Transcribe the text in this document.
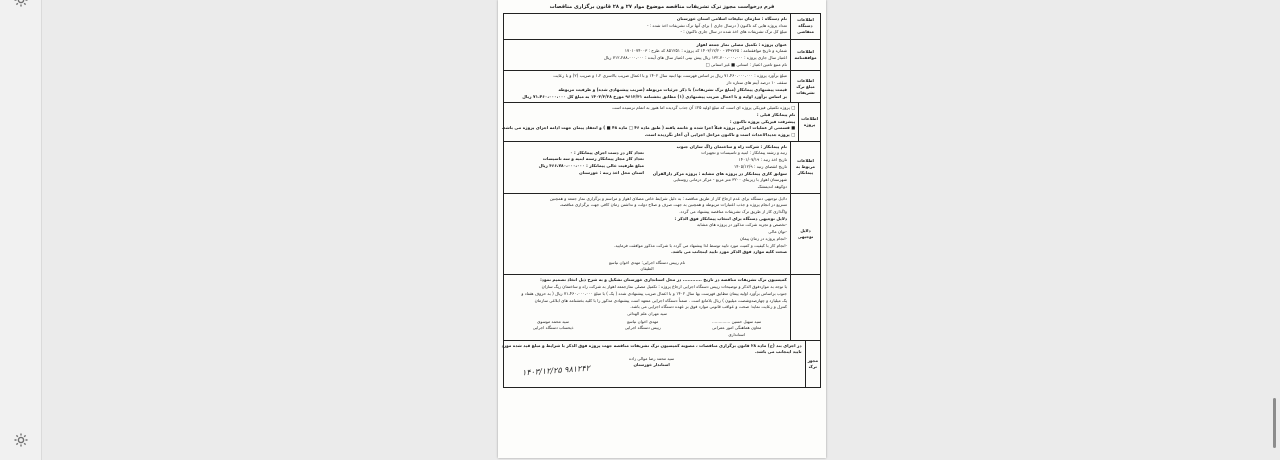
فرم درخواست مجوز ترک تشریفات مناقصه موضوع مواد ۲۷ و ۲۸ قانون برگزاری مناقصات
اطلاعات دستگاه متقاضی

نام دستگاه : سازمان تبلیغات اسلامی استان خوزستان

تعداد پروژه هایی که تاکنون ( درسال جاری ) برای آنها ترک تشریفات اخذ شده : -

مبلغ کل ترک تشریفات های اخذ شده در سال جاری تاکنون : -

اطلاعات موافقتنامه

عنوان پروژه : تکمیل مصلی نماز جمعه اهواز

شماره و تاریخ موافقتنامه : ۷۴۹۷۶۵ - ۱۴۰۳/۱۲/۲۰ کد پروژه : ۸۵۱۲۵۱ کد طرح : ۱۷۰۱۰۷۴۰۰۳

اعتبار سال جاری پروژه : ۱۳۲،۷۰۰،۰۰۰،۰۰۰ ریال پیش بینی اعتبار سال های آینده : ۷۱۲،۲۸۸،۰۰۰،۰۰۰ ریال

نام منبع تامین اعتبار : استانی ■ غیر استانی □

اطلاعات مبلغ ترک تشریفات

مبلغ برآورد پروژه : ۷۱،۴۶۰،۰۰۰،۰۰۰ ریال بر اساس فهرست بها ابنیه سال ۱۴۰۲ و با اعمال ضریب بالاسری ۱،۲ و ضریب (۲) و با رعایت

سقف ۱۰ درصد آیتم های ستاره دار

قیمت پیشنهادی پیمانکار (مبلغ ترک تشریفات) با ذکر جزئیات مربوطه (ضریب پیشنهادی شده) و ظرفیت مربوطه

بر اساس برآورد اولیه و با اعمال ضریب پیشنهادی (۱) مطابق بخشنامه ۹۶۱۳/۳۱ مورخ ۱۴۰۲/۲/۲۸ به مبلغ کل ۷۱،۴۶۰،۰۰۰،۰۰۰ ریال

اطلاعات پروژه

□ پروژه تکمیلی فیزیکی پروژه ای است که مبلغ اولیه ۲۵٪ آن جذب گردیده اما هنوز به اتمام نرسیده است

نام پیمانکار قبلی :

پیشرفت فیزیکی پروژه تاکنون :

■ قسمتی از عملیات اجرایی پروژه قبلاً اجرا شده و خاتمه یافته ( طبق ماده ۴۶ □ ماده ۴۸ ■ ) و انعقاد پیمان جهت ادامه اجرای پروژه می باشد.

□ پروژه جدیدالاحداث است و تاکنون مراحل اجرایی آن آغاز نگردیده است.

اطلاعات مربوط به پیمانکار

نام پیمانکار : شرکت راه و ساختمان زاگ سازان جنوب

رتبه و رشته پیمانکار : ابنیه و تاسیسات و تجهیزات

تاریخ اخذ رتبه : ۱۴۰۱/۰۷/۱۹

تاریخ انقضای رتبه : ۱۴۰۵/۱۲/۹

سوابق کاری پیمانکار در پروژه های مشابه : پروژه مرکز دارالقرآن

شهرستان اهواز با زیربنای ۳۲۰۰ متر مربع - مرکز درمانی روستایی

دوکوهه اندیمشک

تعداد کار در دست اجرای پیمانکار : ۰

تعداد کار مجاز پیمانکار رسته ابنیه و سه تاسیسات

مبلغ ظرفیت خالی پیمانکار : ۳۶۶،۷۸۰،۰۰۰،۰۰۰ ریال

استان محل اخذ رتبه : خوزستان

دلایل توجیهی

دلایل توجیهی دستگاه برای عدم ارجاع کار از طریق مناقصه : به دلیل شرایط خاص مصلای اهواز و مراسم و برگزاری نماز جمعه و همچنین

تسریع در انجام پروژه و جذب اعتبارات مربوطه و همچنین به جهت صرف و صلاح دولت و نداشتن زمان کافی جهت برگزاری مناقصه،

واگذاری کار از طریق ترک تشریفات مناقصه پیشنهاد می گردد.

دلایل توجیهی دستگاه برای انتخاب پیمانکار فوق الذکر :

-تخصص و تجربه شرکت مذکور در پروژه های مشابه

-توان مالی

-انجام پروژه در زمان پیمان

-انجام کار با کیفیت و کمیت مورد تایید توسط لذا پیشنهاد می گردد با شرکت مذکور موافقت فرمایید.

صحت کلیه موارد فوق الذکر مورد تایید اینجانب می باشد.

نام رییس دستگاه اجرایی: مهدی اخوان نیاسع

الطیفان

کمیسیون ترک تشریفات مناقصه در تاریخ ............ در محل استانداری خوزستان تشکیل و به شرح ذیل اتخاذ تصمیم نمود:

با توجه به مواردفوق الذکر و توضیحات رییس دستگاه اجرایی ارجاع پروژه : تکمیل مصلی نمازجمعه اهواز به شرکت راه و ساختمان زیگ سازان

جنوب براساس برآورد اولیه پیمان مطابق فهرست بها سال ۱۴۰۲ و با اعمال ضریب پیشنهادی شده ( یک ) با مبلغ ۷۱،۴۶۰،۰۰۰،۰۰۰ ریال ( به حروف هفتاد و

یک میلیارد و چهارصدوشصت میلیون ) ریال بلامانع است . ضمناً دستگاه اجرایی متعهد است پیشنهادی مذکور را با کلیه بخشنامه های ابلاغی سازمان

کنترل و رعایت نماید؛ صحت و عواقب قانونی موارد فوق بر عهده دستگاه اجرایی می باشد.

سید مهران علم الهدائی

سید سهیل حسین ..............

معاون هماهنگی امور عمرانی

استانداری

مهدی اخوان نیاسع

رییس دستگاه اجرایی

سید محمد موسوی

ذیحساب دستگاه اجرایی

مجوز ترک

در اجرای بند (ج) ماده ۲۸ قانون برگزاری مناقصات ، مصوبه کمیسیون ترک تشریفات مناقصه جهت پروژه فوق الذکر با شرایط و مبلغ قید شده مورد

تایید اینجانب می باشد.

سید محمد رضا موالی زاده

استاندار خوزستان

۱۴۰۳/۱۲/۲۵ ۹۸۱۲۴۲
